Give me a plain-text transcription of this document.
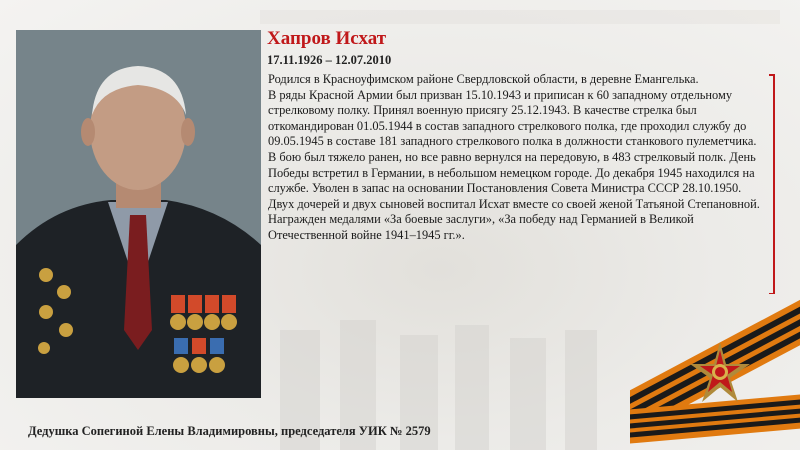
Хапров Исхат
17.11.1926 – 12.07.2010

Родился в Красноуфимском районе Свердловской области, в деревне Емангелька.

В ряды Красной Армии был призван 15.10.1943 и приписан к 60 западному отдельному стрелковому полку. Принял военную присягу 25.12.1943. В качестве стрелка был откомандирован 01.05.1944 в состав западного стрелкового полка, где проходил службу до 09.05.1945 в составе 181 западного стрелкового полка в должности станкового пулеметчика.

В бою был тяжело ранен, но все равно вернулся на передовую, в 483 стрелковый полк. День Победы встретил в Германии, в небольшом немецком городе. До декабря 1945 находился на службе. Уволен в запас на основании Постановления Совета Министра СССР 28.10.1950.

Двух дочерей и двух сыновей воспитал Исхат вместе со своей женой Татьяной Степановной.

Награжден медалями «За боевые заслуги», «За победу над Германией в Великой Отечественной войне 1941–1945 гг.».

Дедушка Сопегиной Елены Владимировны, председателя УИК № 2579
